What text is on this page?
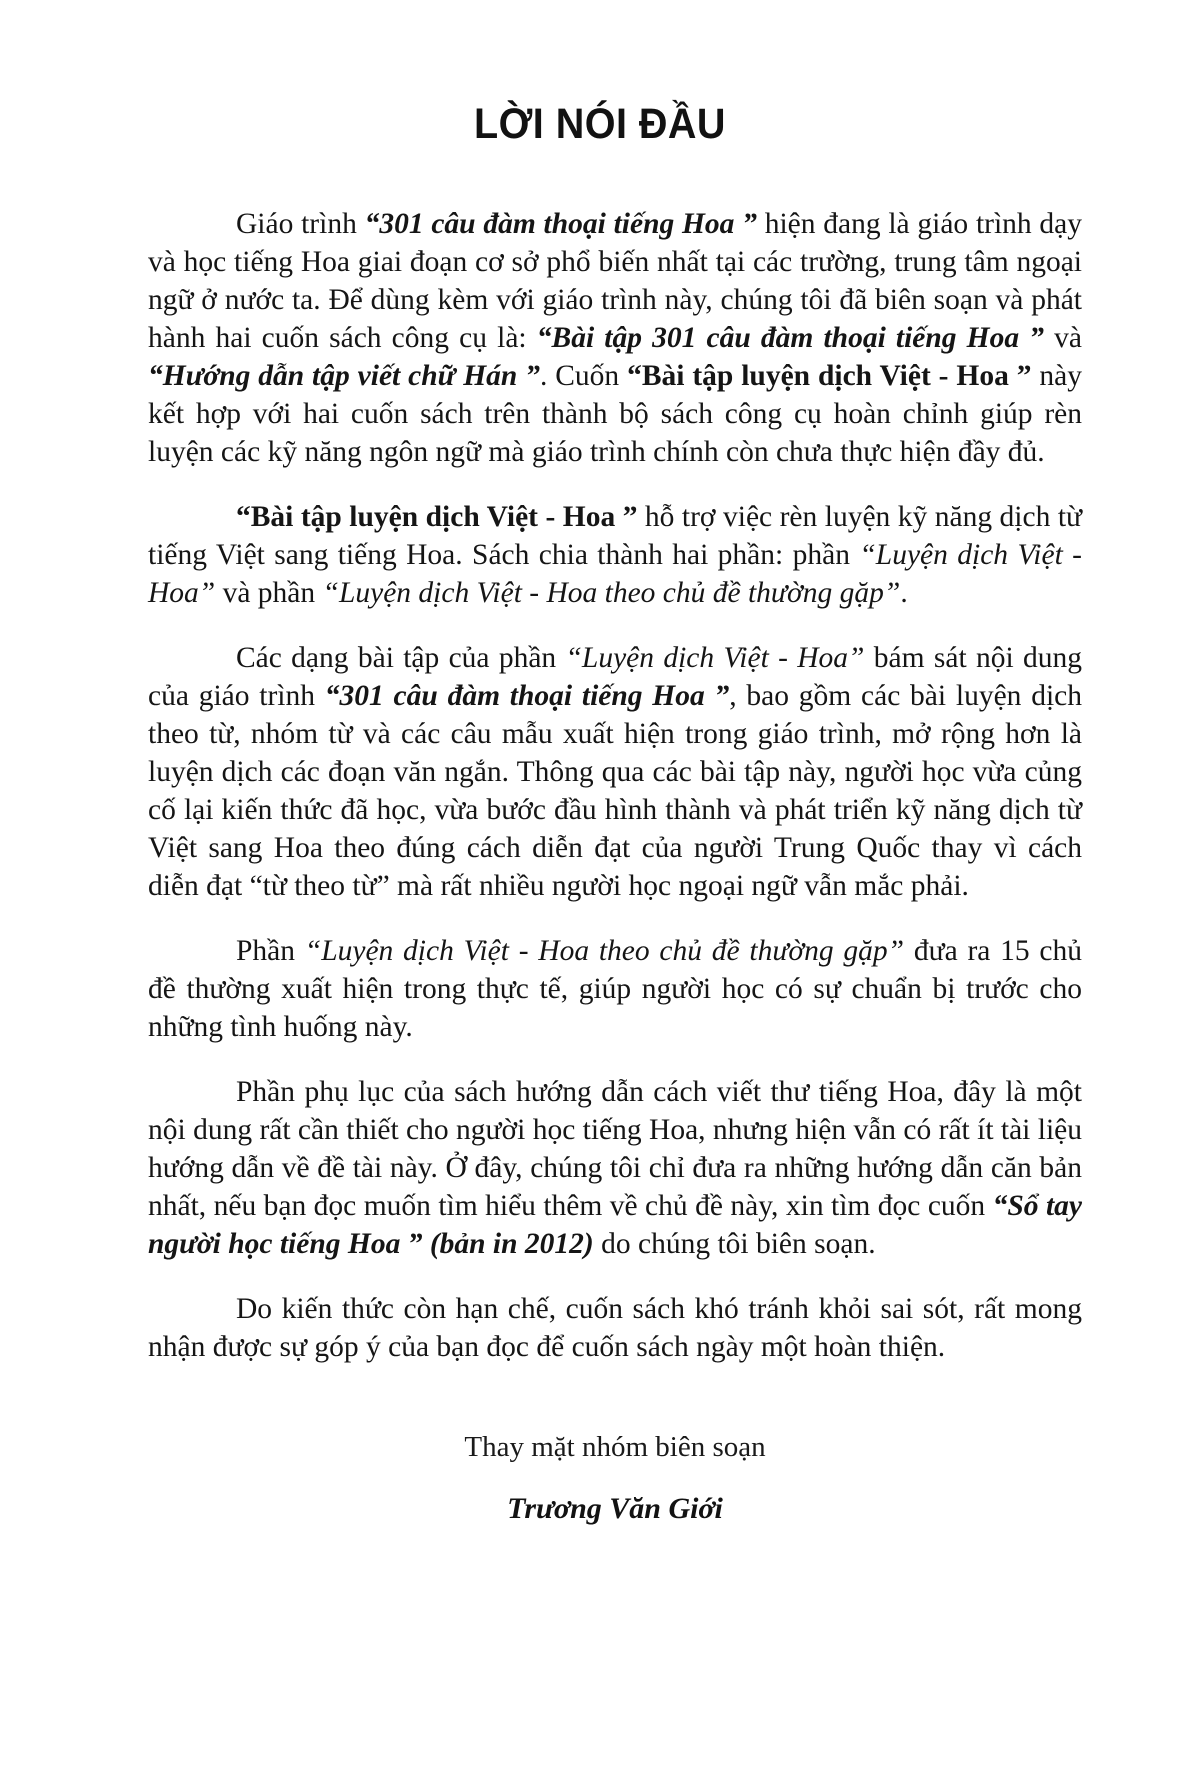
LỜI NÓI ĐẦU

Giáo trình “301 câu đàm thoại tiếng Hoa ” hiện đang là giáo trình dạy và học tiếng Hoa giai đoạn cơ sở phổ biến nhất tại các trường, trung tâm ngoại ngữ ở nước ta. Để dùng kèm với giáo trình này, chúng tôi đã biên soạn và phát hành hai cuốn sách công cụ là: “Bài tập 301 câu đàm thoại tiếng Hoa ” và “Hướng dẫn tập viết chữ Hán ”. Cuốn “Bài tập luyện dịch Việt - Hoa ” này kết hợp với hai cuốn sách trên thành bộ sách công cụ hoàn chỉnh giúp rèn luyện các kỹ năng ngôn ngữ mà giáo trình chính còn chưa thực hiện đầy đủ.

“Bài tập luyện dịch Việt - Hoa ” hỗ trợ việc rèn luyện kỹ năng dịch từ tiếng Việt sang tiếng Hoa. Sách chia thành hai phần: phần “Luyện dịch Việt - Hoa” và phần “Luyện dịch Việt - Hoa theo chủ đề thường gặp”.

Các dạng bài tập của phần “Luyện dịch Việt - Hoa” bám sát nội dung của giáo trình “301 câu đàm thoại tiếng Hoa ”, bao gồm các bài luyện dịch theo từ, nhóm từ và các câu mẫu xuất hiện trong giáo trình, mở rộng hơn là luyện dịch các đoạn văn ngắn. Thông qua các bài tập này, người học vừa củng cố lại kiến thức đã học, vừa bước đầu hình thành và phát triển kỹ năng dịch từ Việt sang Hoa theo đúng cách diễn đạt của người Trung Quốc thay vì cách diễn đạt “từ theo từ” mà rất nhiều người học ngoại ngữ vẫn mắc phải.

Phần “Luyện dịch Việt - Hoa theo chủ đề thường gặp” đưa ra 15 chủ đề thường xuất hiện trong thực tế, giúp người học có sự chuẩn bị trước cho những tình huống này.

Phần phụ lục của sách hướng dẫn cách viết thư tiếng Hoa, đây là một nội dung rất cần thiết cho người học tiếng Hoa, nhưng hiện vẫn có rất ít tài liệu hướng dẫn về đề tài này. Ở đây, chúng tôi chỉ đưa ra những hướng dẫn căn bản nhất, nếu bạn đọc muốn tìm hiểu thêm về chủ đề này, xin tìm đọc cuốn “Sổ tay người học tiếng Hoa ” (bản in 2012) do chúng tôi biên soạn.

Do kiến thức còn hạn chế, cuốn sách khó tránh khỏi sai sót, rất mong nhận được sự góp ý của bạn đọc để cuốn sách ngày một hoàn thiện.

Thay mặt nhóm biên soạn
Trương Văn Giới
